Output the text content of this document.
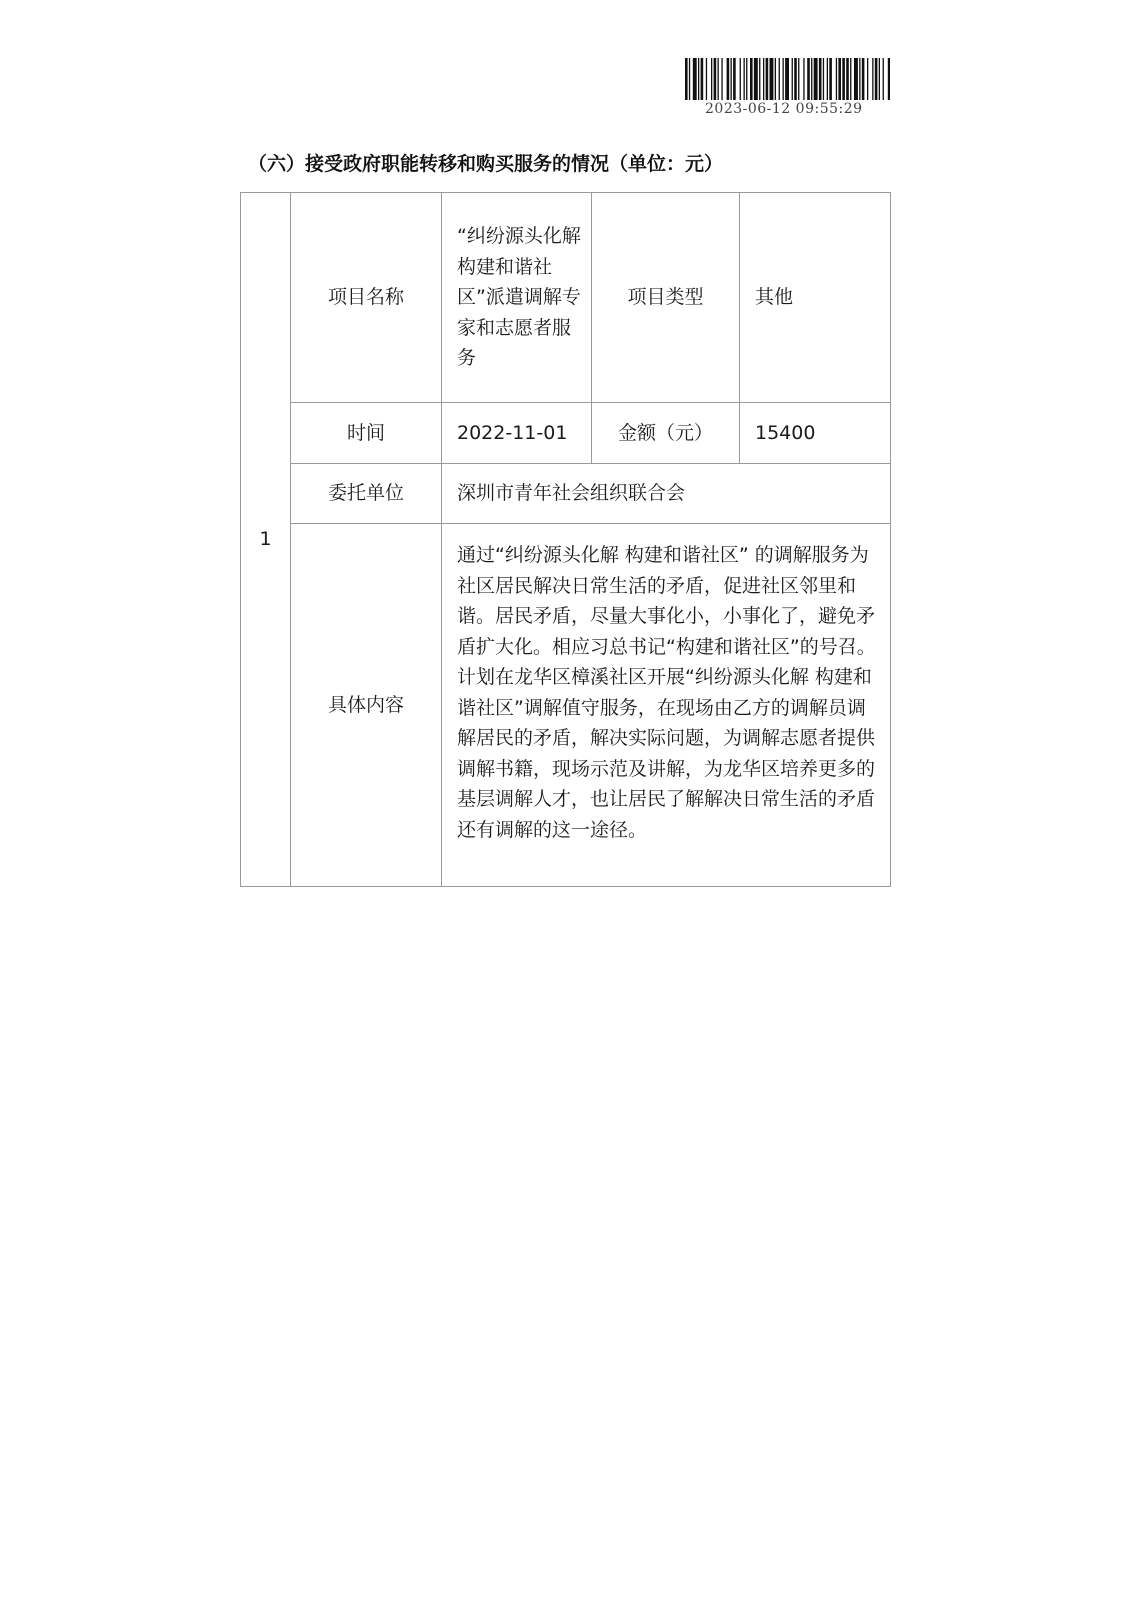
2023-06-12 09:55:29
（六）接受政府职能转移和购买服务的情况（单位：元）
1	项目名称	“纠纷源头化解构建和谐社区”派遣调解专家和志愿者服务	项目类型	其他
	时间	2022-11-01	金额（元）	15400
	委托单位	深圳市青年社会组织联合会		
	具体内容	通过“纠纷源头化解 构建和谐社区” 的调解服务为社区居民解决日常生活的矛盾，促进社区邻里和谐。居民矛盾，尽量大事化小，小事化了，避免矛盾扩大化。相应习总书记“构建和谐社区”的号召。 计划在龙华区樟溪社区开展“纠纷源头化解 构建和谐社区”调解值守服务，在现场由乙方的调解员调解居民的矛盾，解决实际问题，为调解志愿者提供调解书籍，现场示范及讲解，为龙华区培养更多的基层调解人才，也让居民了解解决日常生活的矛盾还有调解的这一途径。		
